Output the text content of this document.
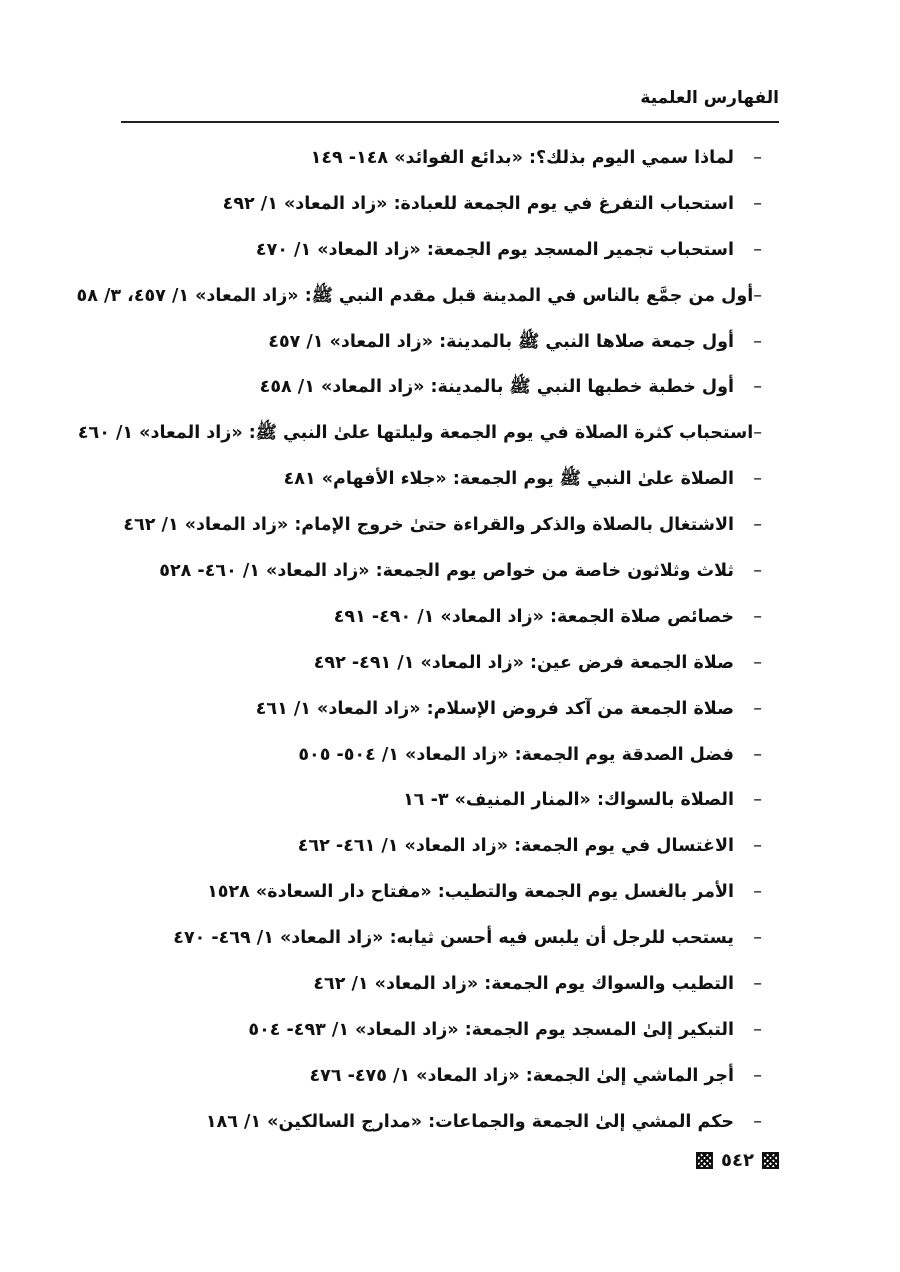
الفهارس العلمية
–
لماذا سمي اليوم بذلك؟: «بدائع الفوائد» ١٤٨- ١٤٩
–
استحباب التفرغ في يوم الجمعة للعبادة: «زاد المعاد» ١/ ٤٩٢
–
استحباب تجمير المسجد يوم الجمعة: «زاد المعاد» ١/ ٤٧٠
–
أول من جمَّع بالناس في المدينة قبل مقدم النبي ﷺ: «زاد المعاد» ١/ ٤٥٧، ٣/ ٥٨
–
أول جمعة صلاها النبي ﷺ بالمدينة: «زاد المعاد» ١/ ٤٥٧
–
أول خطبة خطبها النبي ﷺ بالمدينة: «زاد المعاد» ١/ ٤٥٨
–
استحباب كثرة الصلاة في يوم الجمعة وليلتها علىٰ النبي ﷺ: «زاد المعاد» ١/ ٤٦٠
–
الصلاة علىٰ النبي ﷺ يوم الجمعة: «جلاء الأفهام» ٤٨١
–
الاشتغال بالصلاة والذكر والقراءة حتىٰ خروج الإمام: «زاد المعاد» ١/ ٤٦٢
–
ثلاث وثلاثون خاصة من خواص يوم الجمعة: «زاد المعاد» ١/ ٤٦٠- ٥٢٨
–
خصائص صلاة الجمعة: «زاد المعاد» ١/ ٤٩٠- ٤٩١
–
صلاة الجمعة فرض عين: «زاد المعاد» ١/ ٤٩١- ٤٩٢
–
صلاة الجمعة من آكد فروض الإسلام: «زاد المعاد» ١/ ٤٦١
–
فضل الصدقة يوم الجمعة: «زاد المعاد» ١/ ٥٠٤- ٥٠٥
–
الصلاة بالسواك: «المنار المنيف» ٣- ١٦
–
الاغتسال في يوم الجمعة: «زاد المعاد» ١/ ٤٦١- ٤٦٢
–
الأمر بالغسل يوم الجمعة والتطيب: «مفتاح دار السعادة» ١٥٢٨
–
يستحب للرجل أن يلبس فيه أحسن ثيابه: «زاد المعاد» ١/ ٤٦٩- ٤٧٠
–
التطيب والسواك يوم الجمعة: «زاد المعاد» ١/ ٤٦٢
–
التبكير إلىٰ المسجد يوم الجمعة: «زاد المعاد» ١/ ٤٩٣- ٥٠٤
–
أجر الماشي إلىٰ الجمعة: «زاد المعاد» ١/ ٤٧٥- ٤٧٦
–
حكم المشي إلىٰ الجمعة والجماعات: «مدارج السالكين» ١/ ١٨٦
٥٤٢
